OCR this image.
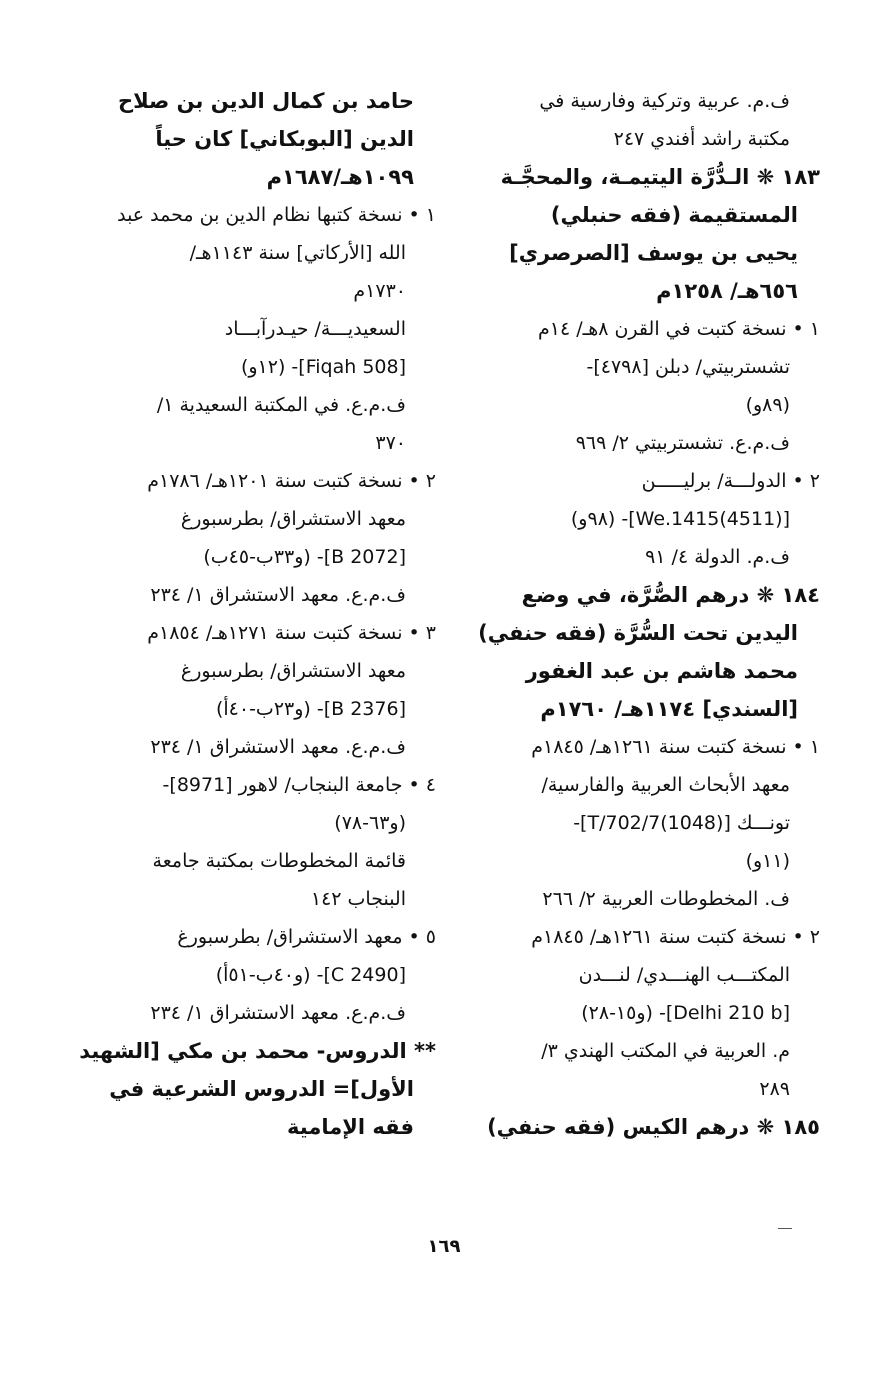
ف.م. عربية وتركية وفارسية في
مكتبة راشد أفندي ٢٤٧
١٨٣ ❋ الـدُّرَّة اليتيمـة، والمحجَّـة
المستقيمة (فقه حنبلي)
يحيى بن يوسف [الصرصري]
٦٥٦هـ/ ١٢٥٨م
١ • نسخة كتبت في القرن ٨هـ/ ١٤م
تشستربيتي/ دبلن [٤٧٩٨]-
(٨٩و)
ف.م.ع. تشستربيتي ٢/ ٩٦٩
٢ • الدولـــة/ برليـــــن
[We.1415(4511)]- (٩٨و)
ف.م. الدولة ٤/ ٩١
١٨٤ ❋ درهم الصُّرَّة، في وضع
اليدين تحت السُّرَّة (فقه حنفي)
محمد هاشم بن عبد الغفور
[السندي] ١١٧٤هـ/ ١٧٦٠م
١ • نسخة كتبت سنة ١٢٦١هـ/ ١٨٤٥م
معهد الأبحاث العربية والفارسية/
تونـــك [T/702/7(1048)]-
(١١و)
ف. المخطوطات العربية ٢/ ٢٦٦
٢ • نسخة كتبت سنة ١٢٦١هـ/ ١٨٤٥م
المكتـــب الهنـــدي/ لنـــدن
[Delhi 210 b]- (و١٥-٢٨)
م. العربية في المكتب الهندي ٣/
٢٨٩
١٨٥ ❋ درهم الكيس (فقه حنفي)
حامد بن كمال الدين بن صلاح
الدين [البوبكاني] كان حياً
١٠٩٩هـ/١٦٨٧م
١ • نسخة كتبها نظام الدين بن محمد عبد
الله [الأركاتي] سنة ١١٤٣هـ/
١٧٣٠م
السعيديـــة/ حيـدرآبـــاد
[508 Fiqah]- (١٢و)
ف.م.ع. في المكتبة السعيدية ١/
٣٧٠
٢ • نسخة كتبت سنة ١٢٠١هـ/ ١٧٨٦م
معهد الاستشراق/ بطرسبورغ
[B 2072]- (و٣٣ب-٤٥ب)
ف.م.ع. معهد الاستشراق ١/ ٢٣٤
٣ • نسخة كتبت سنة ١٢٧١هـ/ ١٨٥٤م
معهد الاستشراق/ بطرسبورغ
[B 2376]- (و٢٣ب-٤٠أ)
ف.م.ع. معهد الاستشراق ١/ ٢٣٤
٤ • جامعة البنجاب/ لاهور [8971]-
(و٦٣-٧٨)
قائمة المخطوطات بمكتبة جامعة
البنجاب ١٤٢
٥ • معهد الاستشراق/ بطرسبورغ
[C 2490]- (و٤٠ب-٥١أ)
ف.م.ع. معهد الاستشراق ١/ ٢٣٤
** الدروس- محمد بن مكي [الشهيد
الأول]= الدروس الشرعية في
فقه الإمامية
١٦٩
